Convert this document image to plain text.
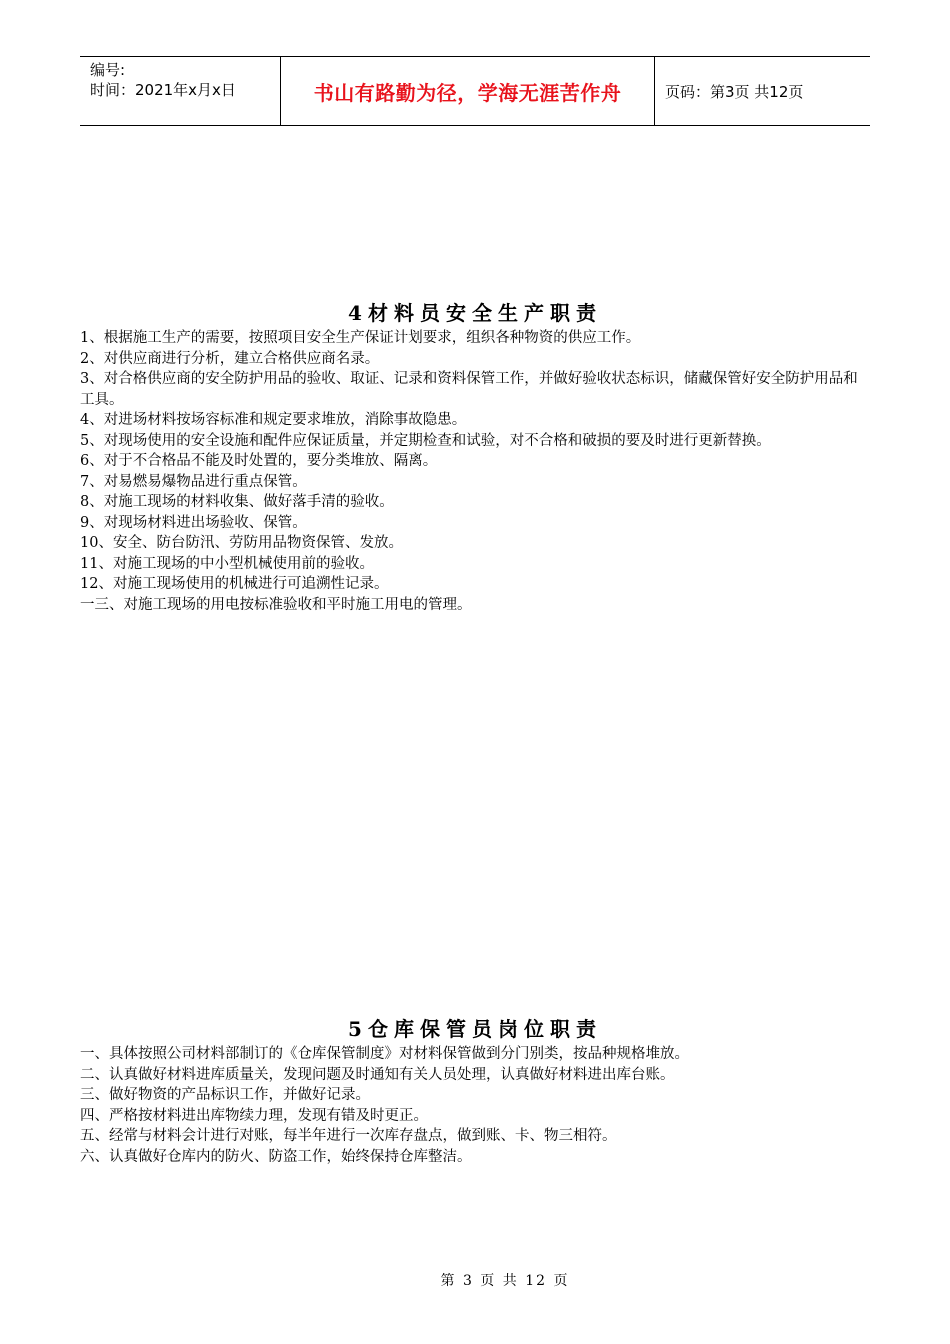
编号:
时间：2021年x月x日	书山有路勤为径，学海无涯苦作舟	页码：第3页 共12页
4材料员安全生产职责
1、根据施工生产的需要，按照项目安全生产保证计划要求，组织各种物资的供应工作。
2、对供应商进行分析，建立合格供应商名录。
3、对合格供应商的安全防护用品的验收、取证、记录和资料保管工作，并做好验收状态标识，储藏保管好安全防护用品和工具。
4、对进场材料按场容标准和规定要求堆放，消除事故隐患。
5、对现场使用的安全设施和配件应保证质量，并定期检查和试验，对不合格和破损的要及时进行更新替换。
6、对于不合格品不能及时处置的，要分类堆放、隔离。
7、对易燃易爆物品进行重点保管。
8、对施工现场的材料收集、做好落手清的验收。
9、对现场材料进出场验收、保管。
10、安全、防台防汛、劳防用品物资保管、发放。
11、对施工现场的中小型机械使用前的验收。
12、对施工现场使用的机械进行可追溯性记录。
一三、对施工现场的用电按标准验收和平时施工用电的管理。
5仓库保管员岗位职责
一、具体按照公司材料部制订的《仓库保管制度》对材料保管做到分门别类，按品种规格堆放。
二、认真做好材料进库质量关，发现问题及时通知有关人员处理，认真做好材料进出库台账。
三、做好物资的产品标识工作，并做好记录。
四、严格按材料进出库物续力理，发现有错及时更正。
五、经常与材料会计进行对账，每半年进行一次库存盘点，做到账、卡、物三相符。
六、认真做好仓库内的防火、防盗工作，始终保持仓库整洁。
第 3 页 共 12 页
